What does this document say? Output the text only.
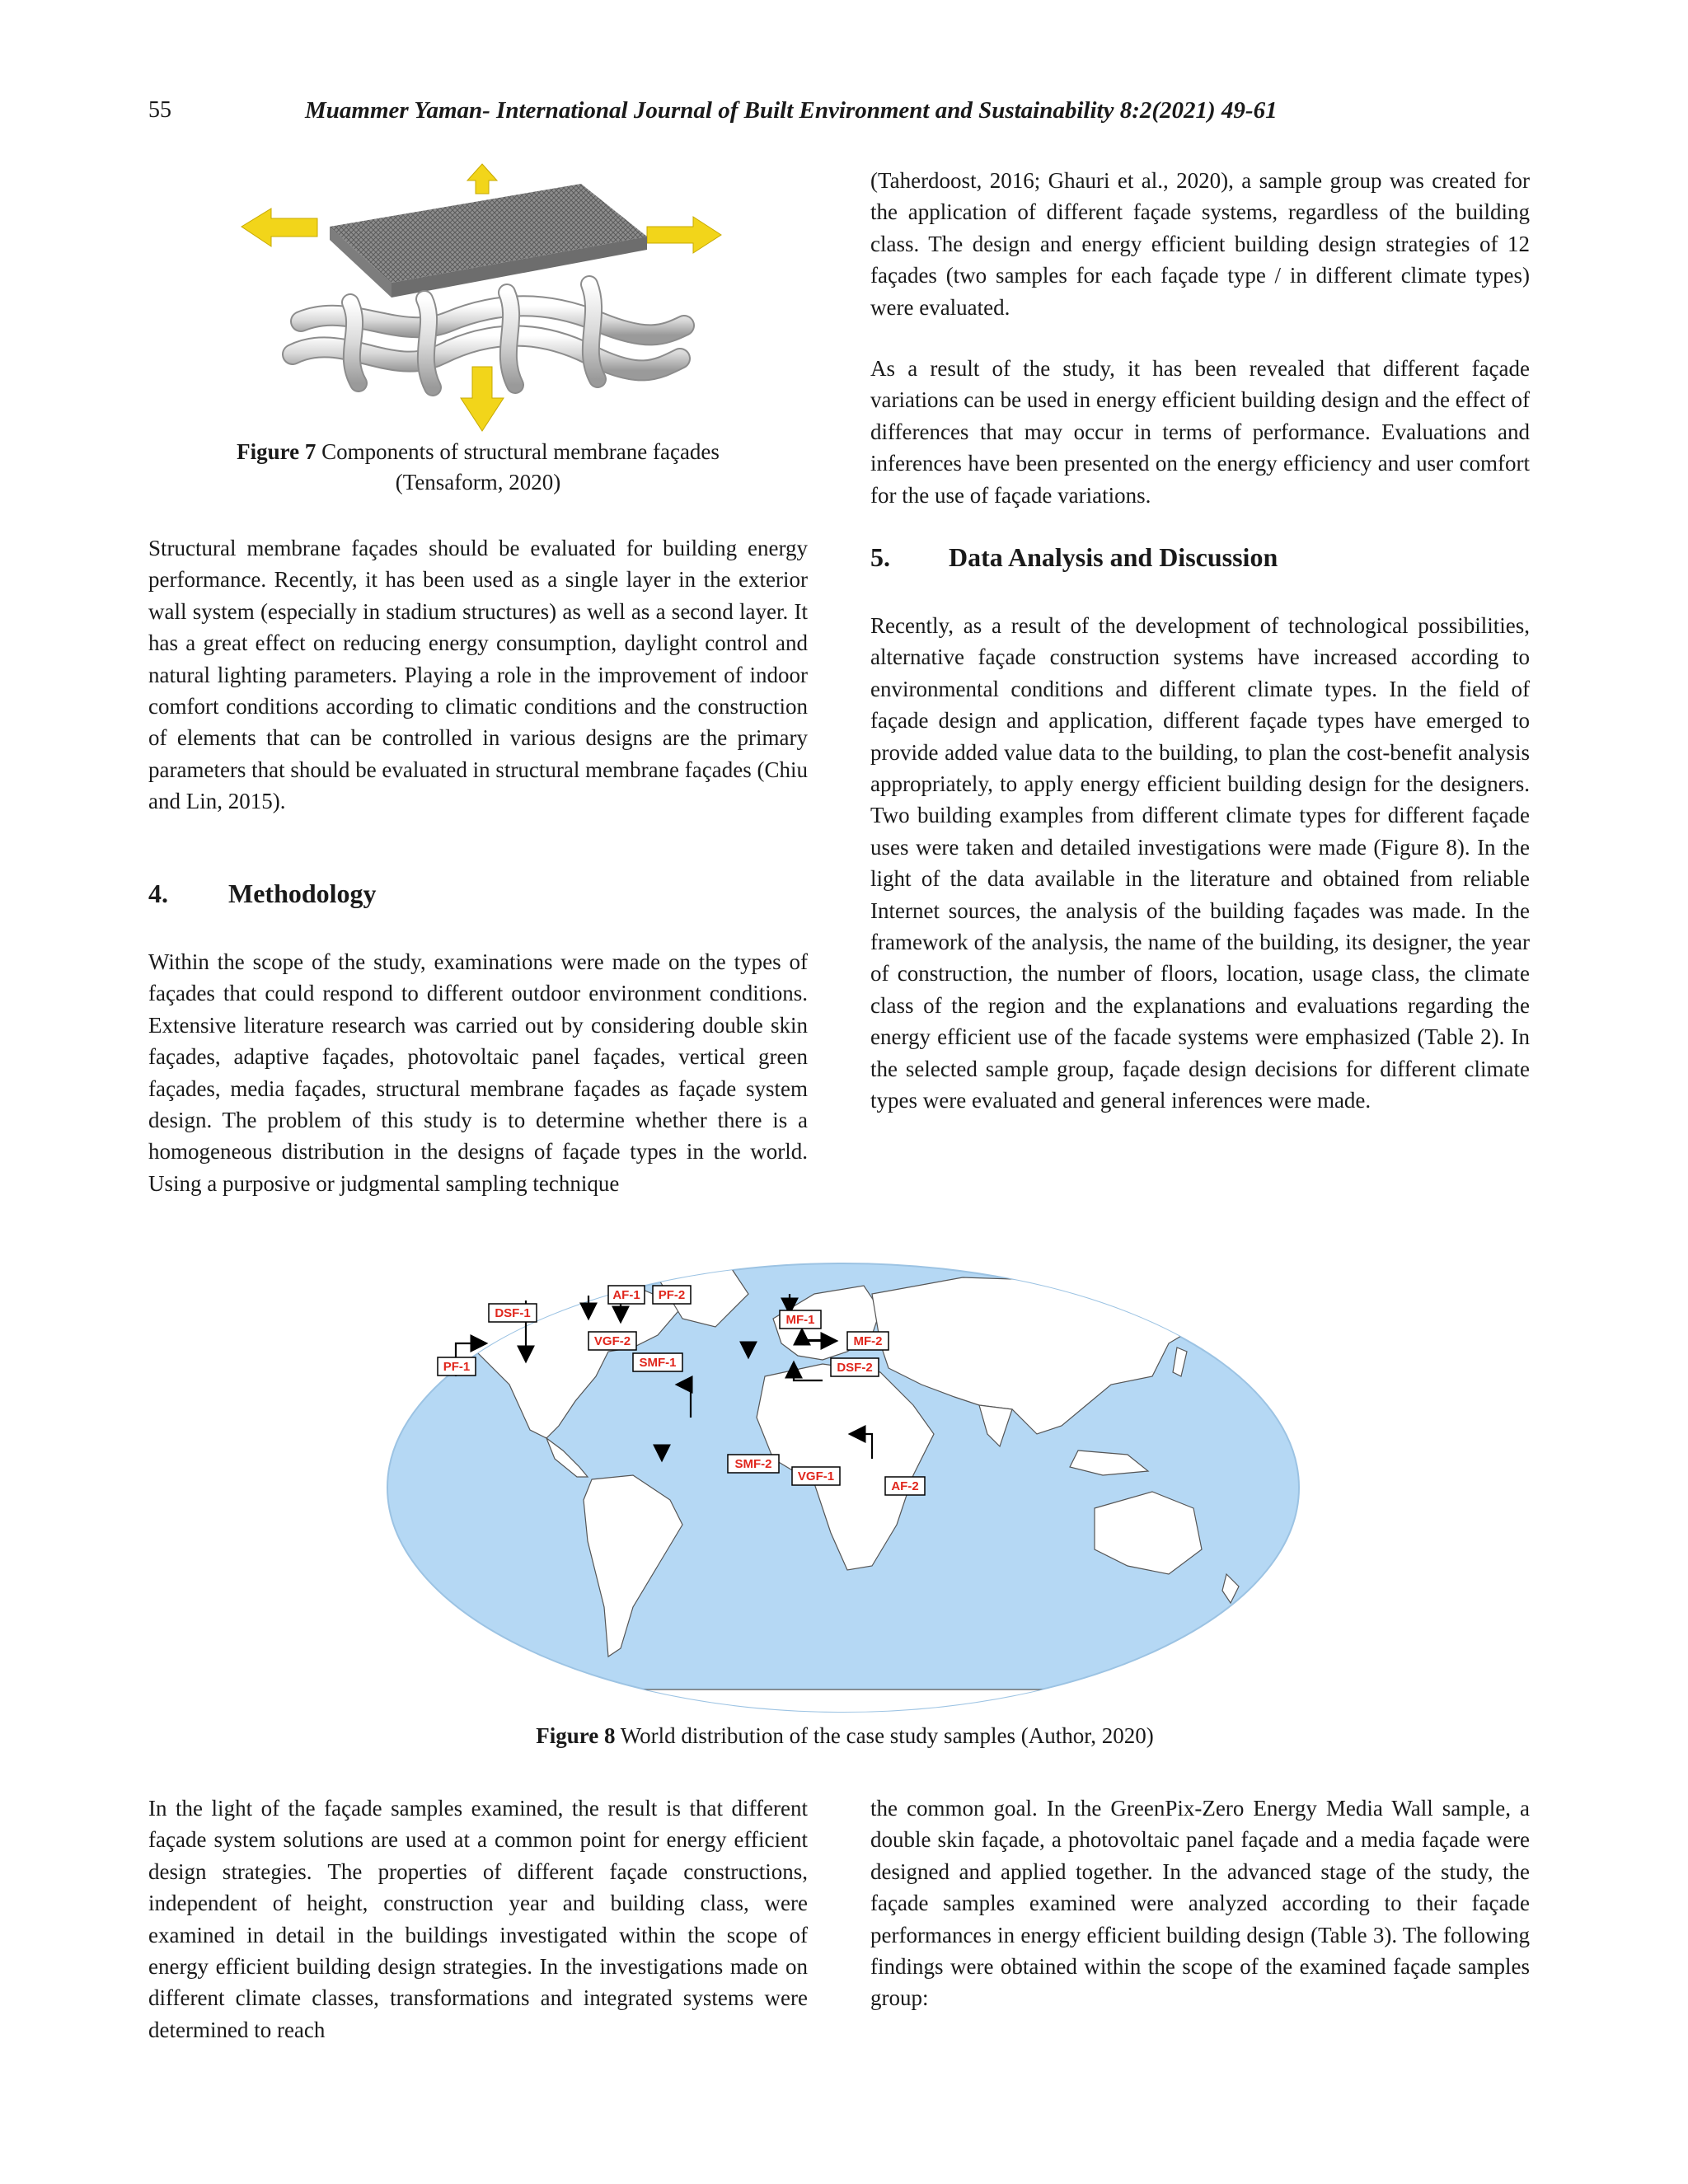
55	Muammer Yaman- International Journal of Built Environment and Sustainability 8:2(2021) 49-61
Figure 7 Components of structural membrane façades
(Tensaform, 2020)

Structural membrane façades should be evaluated for building energy performance. Recently, it has been used as a single layer in the exterior wall system (especially in stadium structures) as well as a second layer. It has a great effect on reducing energy consumption, daylight control and natural lighting parameters. Playing a role in the improvement of indoor comfort conditions according to climatic conditions and the construction of elements that can be controlled in various designs are the primary parameters that should be evaluated in structural membrane façades (Chiu and Lin, 2015).

4. Methodology

Within the scope of the study, examinations were made on the types of façades that could respond to different outdoor environment conditions. Extensive literature research was carried out by considering double skin façades, adaptive façades, photovoltaic panel façades, vertical green façades, media façades, structural membrane façades as façade system design. The problem of this study is to determine whether there is a homogeneous distribution in the designs of façade types in the world. Using a purposive or judgmental sampling technique

(Taherdoost, 2016; Ghauri et al., 2020), a sample group was created for the application of different façade systems, regardless of the building class. The design and energy efficient building design strategies of 12 façades (two samples for each façade type / in different climate types) were evaluated.

As a result of the study, it has been revealed that different façade variations can be used in energy efficient building design and the effect of differences that may occur in terms of performance. Evaluations and inferences have been presented on the energy efficiency and user comfort for the use of façade variations.

5. Data Analysis and Discussion

Recently, as a result of the development of technological possibilities, alternative façade construction systems have increased according to environmental conditions and different climate types. In the field of façade design and application, different façade types have emerged to provide added value data to the building, to plan the cost-benefit analysis appropriately, to apply energy efficient building design for the designers. Two building examples from different climate types for different façade uses were taken and detailed investigations were made (Figure 8). In the light of the data available in the literature and obtained from reliable Internet sources, the analysis of the building façades was made. In the framework of the analysis, the name of the building, its designer, the year of construction, the number of floors, location, usage class, the climate class of the region and the explanations and evaluations regarding the energy efficient use of the facade systems were emphasized (Table 2). In the selected sample group, façade design decisions for different climate types were evaluated and general inferences were made.

AF-1 PF-2
DSF-1	MF-1
VGF-2	MF-2
PF-1	SMF-1	DSF-2
SMF-2
VGF-1
AF-2
Figure 8 World distribution of the case study samples (Author, 2020)

In the light of the façade samples examined, the result is that different façade system solutions are used at a common point for energy efficient design strategies. The properties of different façade constructions, independent of height, construction year and building class, were examined in detail in the buildings investigated within the scope of energy efficient building design strategies. In the investigations made on different climate classes, transformations and integrated systems were determined to reach

the common goal. In the GreenPix-Zero Energy Media Wall sample, a double skin façade, a photovoltaic panel façade and a media façade were designed and applied together. In the advanced stage of the study, the façade samples examined were analyzed according to their façade performances in energy efficient building design (Table 3). The following findings were obtained within the scope of the examined façade samples group:
